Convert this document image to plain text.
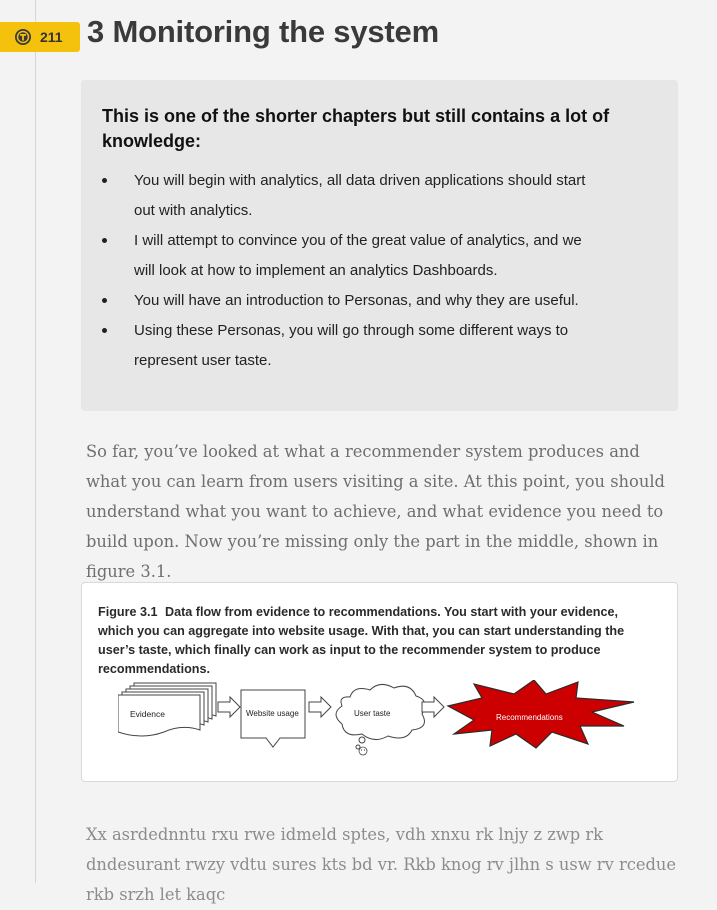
211 3 Monitoring the system

This is one of the shorter chapters but still contains a lot of knowledge:

You will begin with analytics, all data driven applications should start
out with analytics.
I will attempt to convince you of the great value of analytics, and we
will look at how to implement an analytics Dashboards.
You will have an introduction to Personas, and why they are useful.
Using these Personas, you will go through some different ways to
represent user taste.

So far, you’ve looked at what a recommender system produces and what you can learn from users visiting a site. At this point, you should understand what you want to achieve, and what evidence you need to build upon. Now you’re missing only the part in the middle, shown in figure 3.1.

Figure 3.1 Data flow from evidence to recommendations. You start with your evidence, which you can aggregate into website usage. With that, you can start understanding the user’s taste, which finally can work as input to the recommender system to produce recommendations.

Evidence	Website usage	User taste	Recommendations

Xx asrdednntu rxu rwe idmeld sptes, vdh xnxu rk lnjy z zwp rk dndesurant rwzy vdtu sures kts bd vr. Rkb knog rv jlhn s usw rv rcedue rkb srzh let kaqc
